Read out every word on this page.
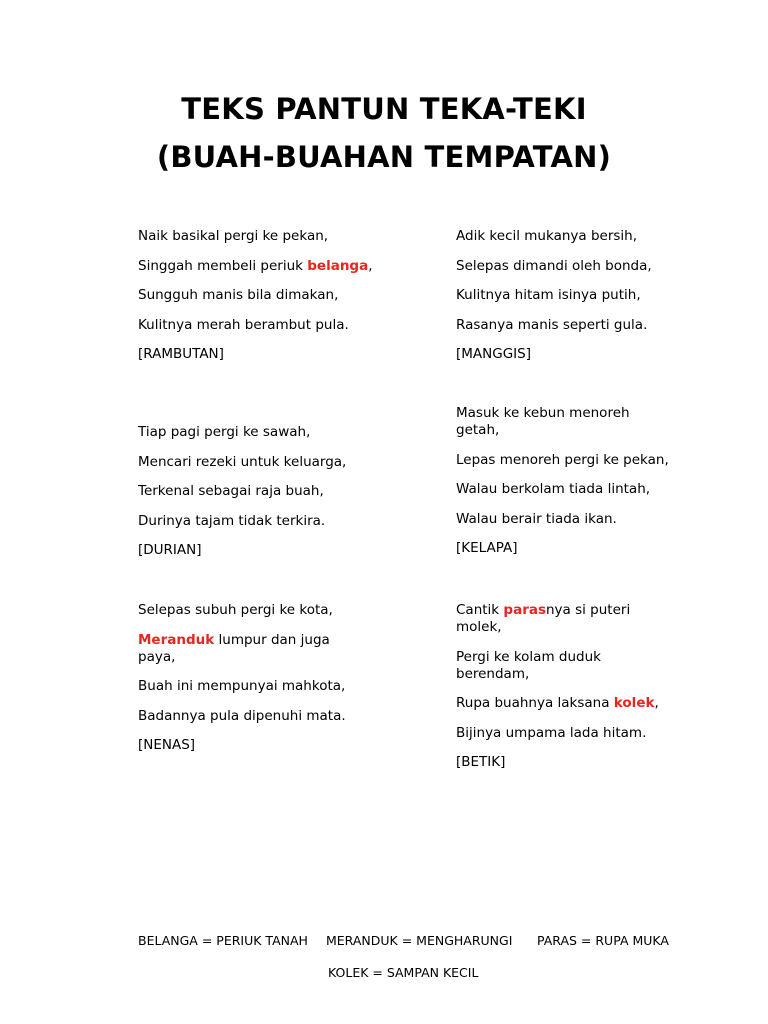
TEKS PANTUN TEKA-TEKI
(BUAH-BUAHAN TEMPATAN)

Naik basikal pergi ke pekan,

Singgah membeli periuk belanga,

Sungguh manis bila dimakan,

Kulitnya merah berambut pula.

[RAMBUTAN]

Tiap pagi pergi ke sawah,

Mencari rezeki untuk keluarga,

Terkenal sebagai raja buah,

Durinya tajam tidak terkira.

[DURIAN]

Selepas subuh pergi ke kota,

Meranduk lumpur dan juga paya,

Buah ini mempunyai mahkota,

Badannya pula dipenuhi mata.

[NENAS]

Adik kecil mukanya bersih,

Selepas dimandi oleh bonda,

Kulitnya hitam isinya putih,

Rasanya manis seperti gula.

[MANGGIS]

Masuk ke kebun menoreh getah,

Lepas menoreh pergi ke pekan,

Walau berkolam tiada lintah,

Walau berair tiada ikan.

[KELAPA]

Cantik parasnya si puteri molek,

Pergi ke kolam duduk berendam,

Rupa buahnya laksana kolek,

Bijinya umpama lada hitam.

[BETIK]

BELANGA = PERIUK TANAH MERANDUK = MENGHARUNGI PARAS = RUPA MUKA
KOLEK = SAMPAN KECIL
